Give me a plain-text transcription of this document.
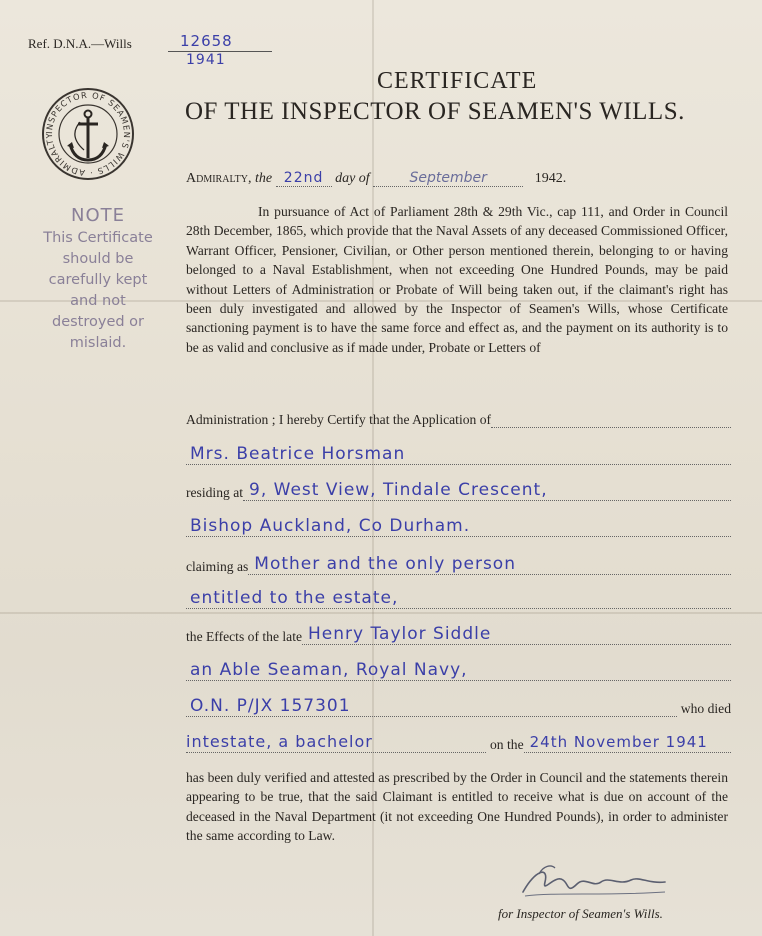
Ref. D.N.A.—Wills	12658
1941
INSPECTOR OF SEAMEN'S WILLS · ADMIRALTY
CERTIFICATE
OF THE INSPECTOR OF SEAMEN'S WILLS.
Admiralty, the 22nd day of	September	1942.
NOTE
This Certificate
should be
carefully kept
and not
destroyed or
mislaid.
In pursuance of Act of Parliament 28th & 29th Vic., cap 111, and Order in Council 28th December, 1865, which provide that the Naval Assets of any deceased Commissioned Officer, Warrant Officer, Pensioner, Civilian, or Other person mentioned therein, belonging to or having belonged to a Naval Establishment, when not exceeding One Hundred Pounds, may be paid without Letters of Administration or Probate of Will being taken out, if the claimant's right has been duly investigated and allowed by the Inspector of Seamen's Wills, whose Certificate sanctioning payment is to have the same force and effect as, and the payment on its authority is to be as valid and conclusive as if made under, Probate or Letters of
Administration ; I hereby Certify that the Application of
Mrs. Beatrice Horsman
residing at 9, West View, Tindale Crescent,
Bishop Auckland, Co Durham.
claiming as Mother and the only person
entitled to the estate,
the Effects of the late Henry Taylor Siddle
an Able Seaman, Royal Navy,
O.N. P/JX 157301	who died
intestate, a bachelor	on the 24th November 1941
has been duly verified and attested as prescribed by the Order in Council and the statements therein appearing to be true, that the said Claimant is entitled to receive what is due on account of the deceased in the Naval Department (it not exceeding One Hundred Pounds), in order to administer the same according to Law.
for Inspector of Seamen's Wills.
